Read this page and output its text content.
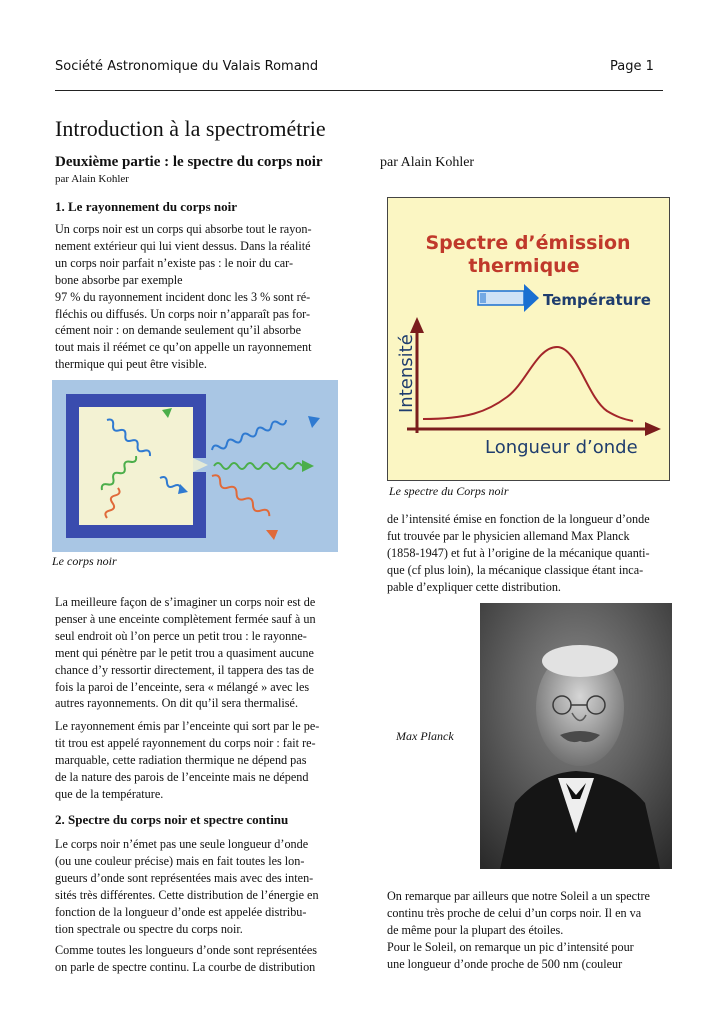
Société Astronomique du Valais Romand	Page 1
Introduction à la spectrométrie
Deuxième partie : le spectre du corps noir	par Alain Kohler
par Alain Kohler
1. Le rayonnement du corps noir

Un corps noir est un corps qui absorbe tout le rayon-
nement extérieur qui lui vient dessus. Dans la réalité
un corps noir parfait n’existe pas : le noir du car-
bone absorbe par exemple
97 % du rayonnement incident donc les 3 % sont ré-
fléchis ou diffusés. Un corps noir n’apparaît pas for-
cément noir : on demande seulement qu’il absorbe
tout mais il réémet ce qu’on appelle un rayonnement
thermique qui peut être visible.

Le corps noir

La meilleure façon de s’imaginer un corps noir est de
penser à une enceinte complètement fermée sauf à un
seul endroit où l’on perce un petit trou : le rayonne-
ment qui pénètre par le petit trou a quasiment aucune
chance d’y ressortir directement, il tappera des tas de
fois la paroi de l’enceinte, sera « mélangé » avec les
autres rayonnements. On dit qu’il sera thermalisé.

Le rayonnement émis par l’enceinte qui sort par le pe-
tit trou est appelé rayonnement du corps noir : fait re-
marquable, cette radiation thermique ne dépend pas
de la nature des parois de l’enceinte mais ne dépend
que de la température.

2. Spectre du corps noir et spectre continu

Le corps noir n’émet pas une seule longueur d’onde
(ou une couleur précise) mais en fait toutes les lon-
gueurs d’onde sont représentées mais avec des inten-
sités très différentes. Cette distribution de l’énergie en
fonction de la longueur d’onde est appelée distribu-
tion spectrale ou spectre du corps noir.

Comme toutes les longueurs d’onde sont représentées
on parle de spectre continu. La courbe de distribution

Spectre d’émission
thermique
Température
Intensité
Longueur d’onde
Le spectre du Corps noir

de l’intensité émise en fonction de la longueur d’onde
fut trouvée par le physicien allemand Max Planck
(1858-1947) et fut à l’origine de la mécanique quanti-
que (cf plus loin), la mécanique classique étant inca-
pable d’expliquer cette distribution.

Max Planck

On remarque par ailleurs que notre Soleil a un spectre
continu très proche de celui d’un corps noir. Il en va
de même pour la plupart des étoiles.
Pour le Soleil, on remarque un pic d’intensité pour
une longueur d’onde proche de 500 nm (couleur
